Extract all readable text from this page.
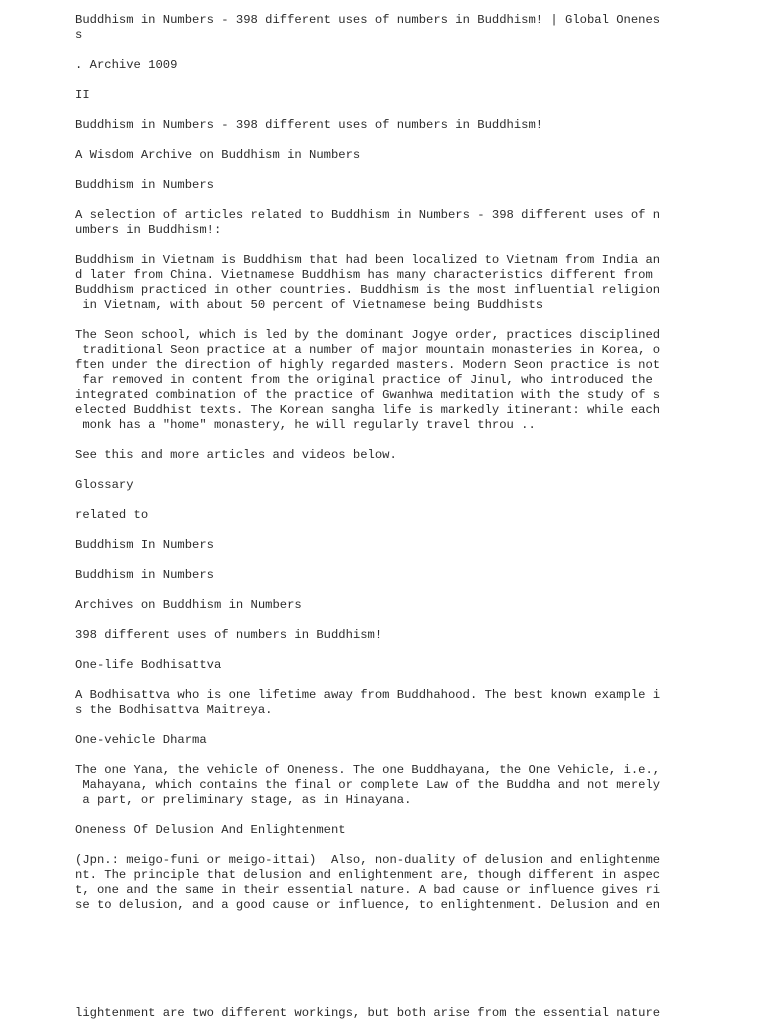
Buddhism in Numbers - 398 different uses of numbers in Buddhism! | Global Onenes
s
. Archive 1009
II
Buddhism in Numbers - 398 different uses of numbers in Buddhism!
A Wisdom Archive on Buddhism in Numbers
Buddhism in Numbers
A selection of articles related to Buddhism in Numbers - 398 different uses of n
umbers in Buddhism!:
Buddhism in Vietnam is Buddhism that had been localized to Vietnam from India an
d later from China. Vietnamese Buddhism has many characteristics different from
Buddhism practiced in other countries. Buddhism is the most influential religion
in Vietnam, with about 50 percent of Vietnamese being Buddhists
The Seon school, which is led by the dominant Jogye order, practices disciplined
traditional Seon practice at a number of major mountain monasteries in Korea, o
ften under the direction of highly regarded masters. Modern Seon practice is not
far removed in content from the original practice of Jinul, who introduced the
integrated combination of the practice of Gwanhwa meditation with the study of s
elected Buddhist texts. The Korean sangha life is markedly itinerant: while each
monk has a "home" monastery, he will regularly travel throu ..
See this and more articles and videos below.
Glossary
related to
Buddhism In Numbers
Buddhism in Numbers
Archives on Buddhism in Numbers
398 different uses of numbers in Buddhism!
One-life Bodhisattva
A Bodhisattva who is one lifetime away from Buddhahood. The best known example i
s the Bodhisattva Maitreya.
One-vehicle Dharma
The one Yana, the vehicle of Oneness. The one Buddhayana, the One Vehicle, i.e.,
Mahayana, which contains the final or complete Law of the Buddha and not merely
a part, or preliminary stage, as in Hinayana.
Oneness Of Delusion And Enlightenment
(Jpn.: meigo-funi or meigo-ittai)  Also, non-duality of delusion and enlightenme
nt. The principle that delusion and enlightenment are, though different in aspec
t, one and the same in their essential nature. A bad cause or influence gives ri
se to delusion, and a good cause or influence, to enlightenment. Delusion and en
lightenment are two different workings, but both arise from the essential nature
